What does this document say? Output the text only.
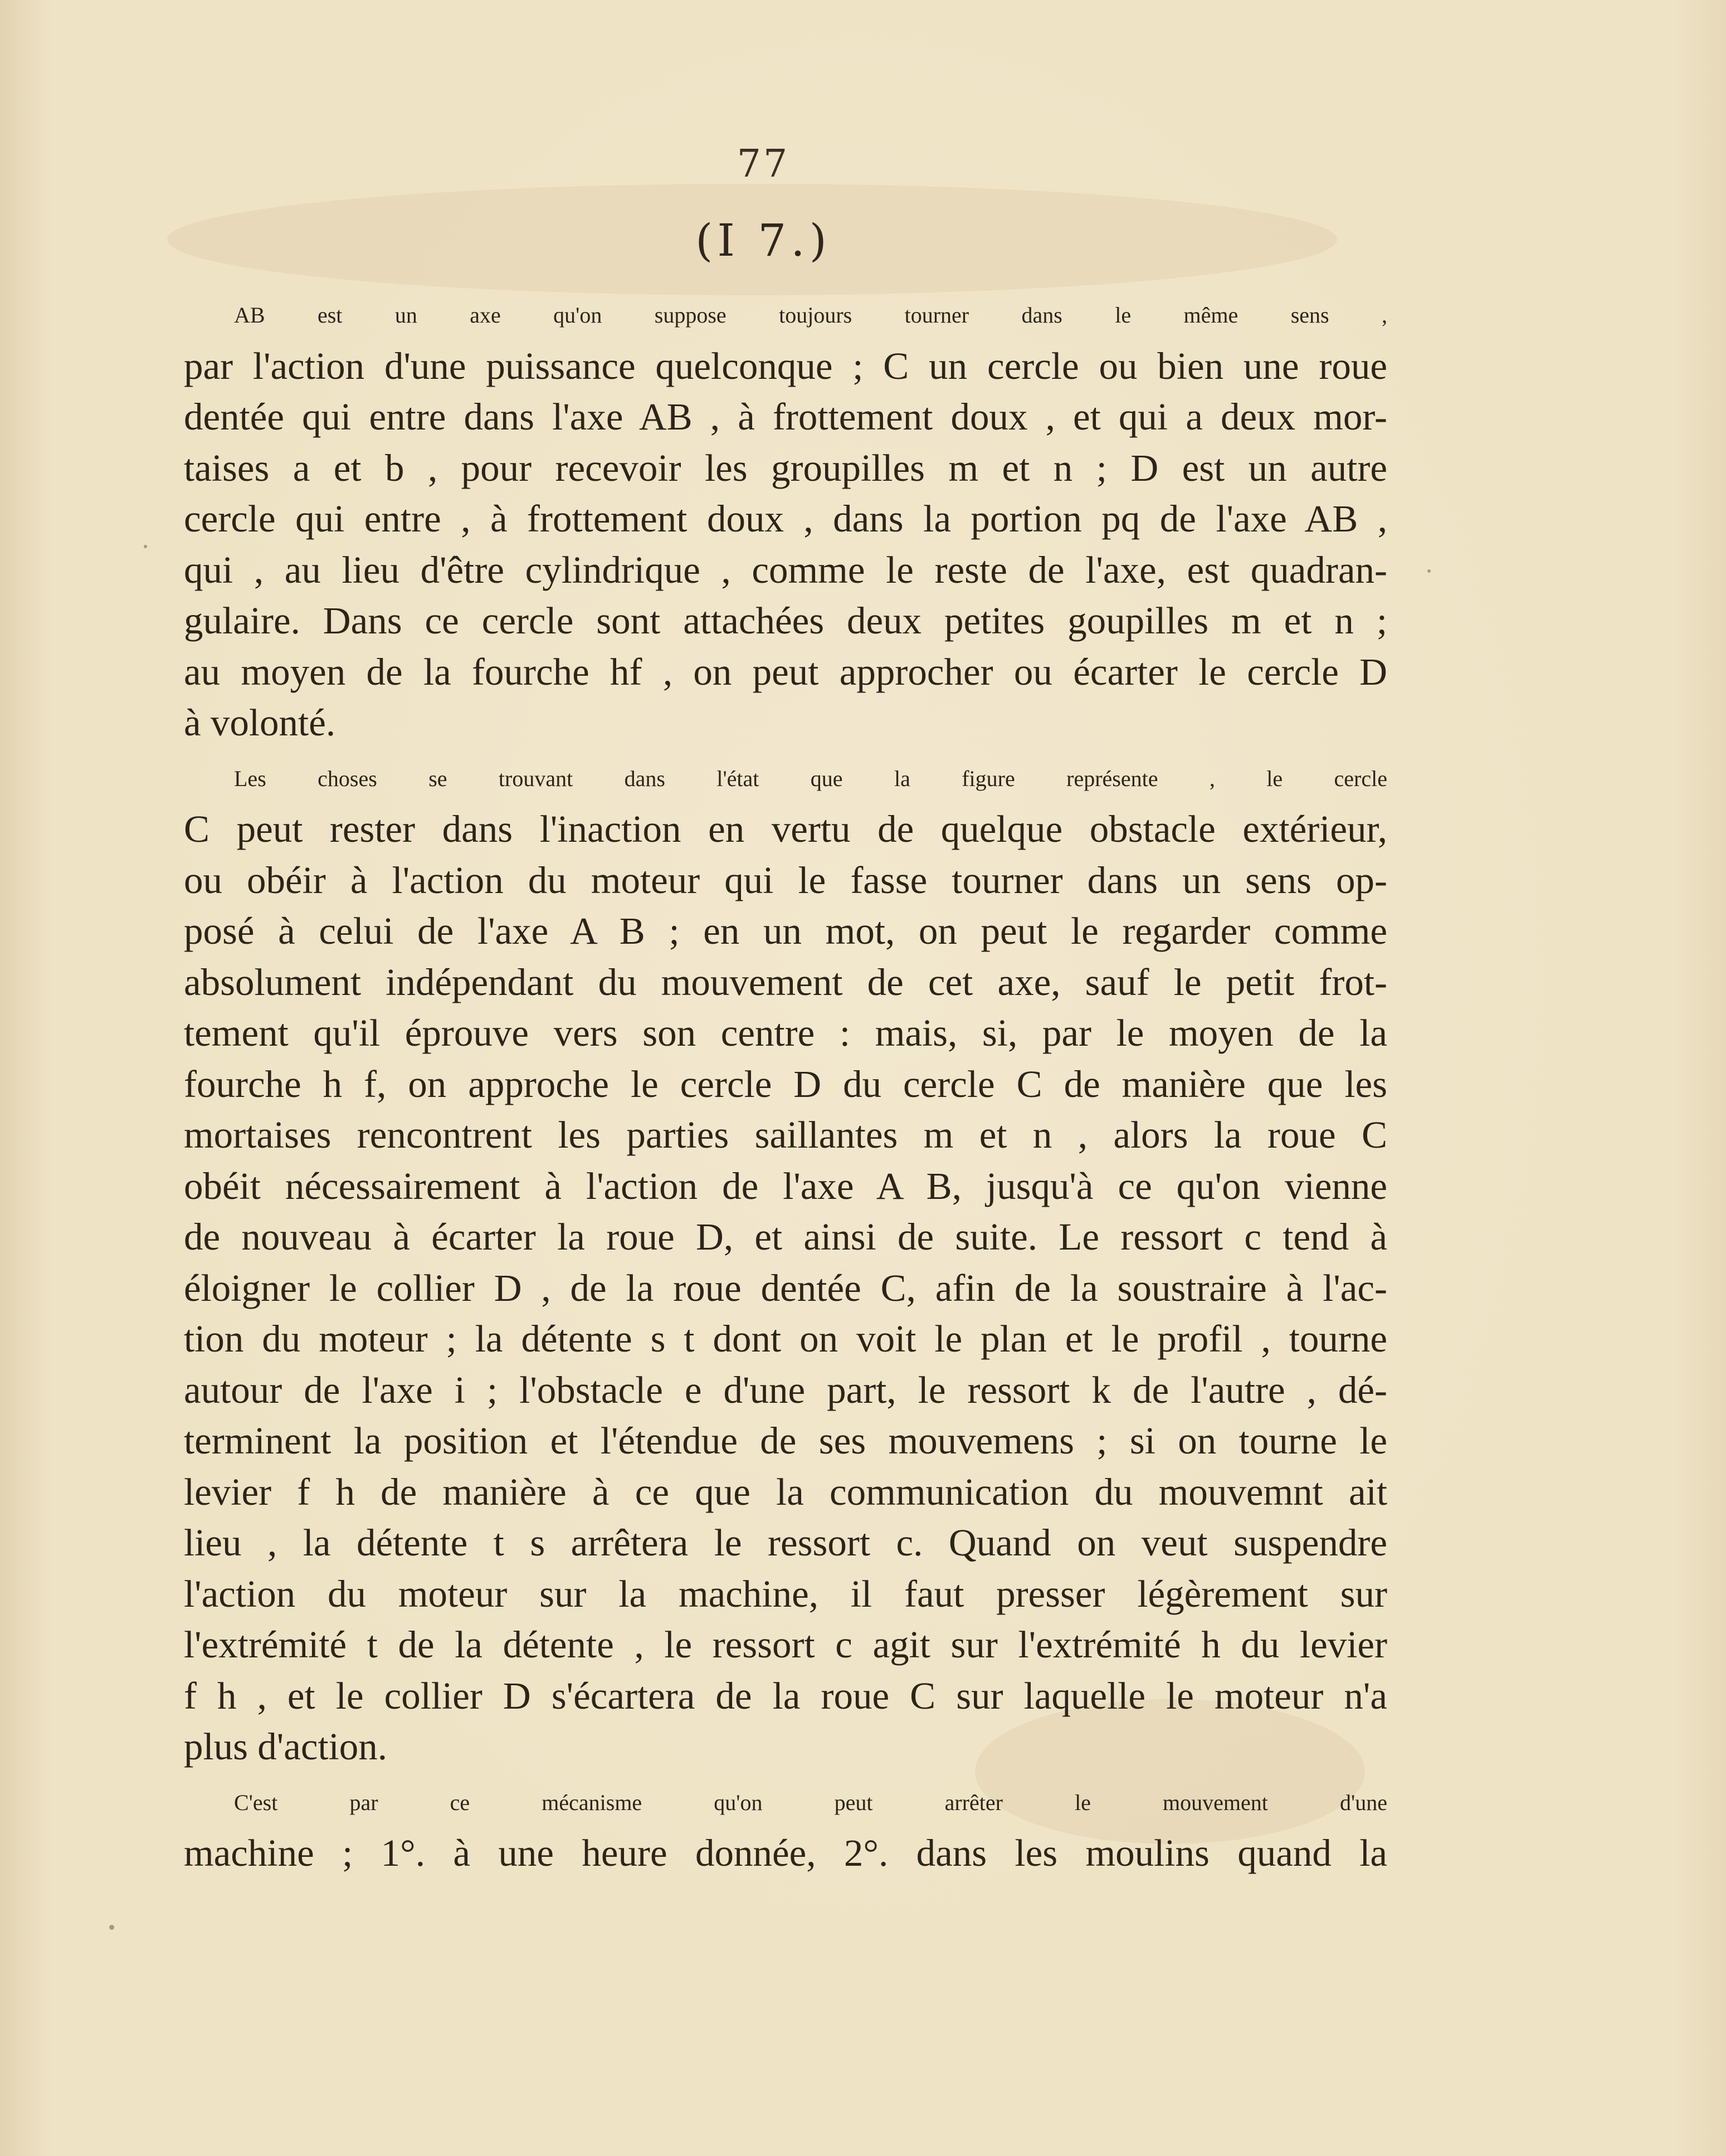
77
(I 7.)
AB est un axe qu'on suppose toujours tourner dans le même sens ,
par l'action d'une puissance quelconque ; C un cercle ou bien une roue
dentée qui entre dans l'axe AB , à frottement doux , et qui a deux mor-
taises a et b , pour recevoir les groupilles m et n ; D est un autre
cercle qui entre , à frottement doux , dans la portion pq de l'axe AB ,
qui , au lieu d'être cylindrique , comme le reste de l'axe, est quadran-
gulaire. Dans ce cercle sont attachées deux petites goupilles m et n ;
au moyen de la fourche hf , on peut approcher ou écarter le cercle D
à volonté.
Les choses se trouvant dans l'état que la figure représente , le cercle
C peut rester dans l'inaction en vertu de quelque obstacle extérieur,
ou obéir à l'action du moteur qui le fasse tourner dans un sens op-
posé à celui de l'axe A B ; en un mot, on peut le regarder comme
absolument indépendant du mouvement de cet axe, sauf le petit frot-
tement qu'il éprouve vers son centre : mais, si, par le moyen de la
fourche h f, on approche le cercle D du cercle C de manière que les
mortaises rencontrent les parties saillantes m et n , alors la roue C
obéit nécessairement à l'action de l'axe A B, jusqu'à ce qu'on vienne
de nouveau à écarter la roue D, et ainsi de suite. Le ressort c tend à
éloigner le collier D , de la roue dentée C, afin de la soustraire à l'ac-
tion du moteur ; la détente s t dont on voit le plan et le profil , tourne
autour de l'axe i ; l'obstacle e d'une part, le ressort k de l'autre , dé-
terminent la position et l'étendue de ses mouvemens ; si on tourne le
levier f h de manière à ce que la communication du mouvemnt ait
lieu , la détente t s arrêtera le ressort c. Quand on veut suspendre
l'action du moteur sur la machine, il faut presser légèrement sur
l'extrémité t de la détente , le ressort c agit sur l'extrémité h du levier
f h , et le collier D s'écartera de la roue C sur laquelle le moteur n'a
plus d'action.
C'est par ce mécanisme qu'on peut arrêter le mouvement d'une
machine ; 1°. à une heure donnée, 2°. dans les moulins quand la
